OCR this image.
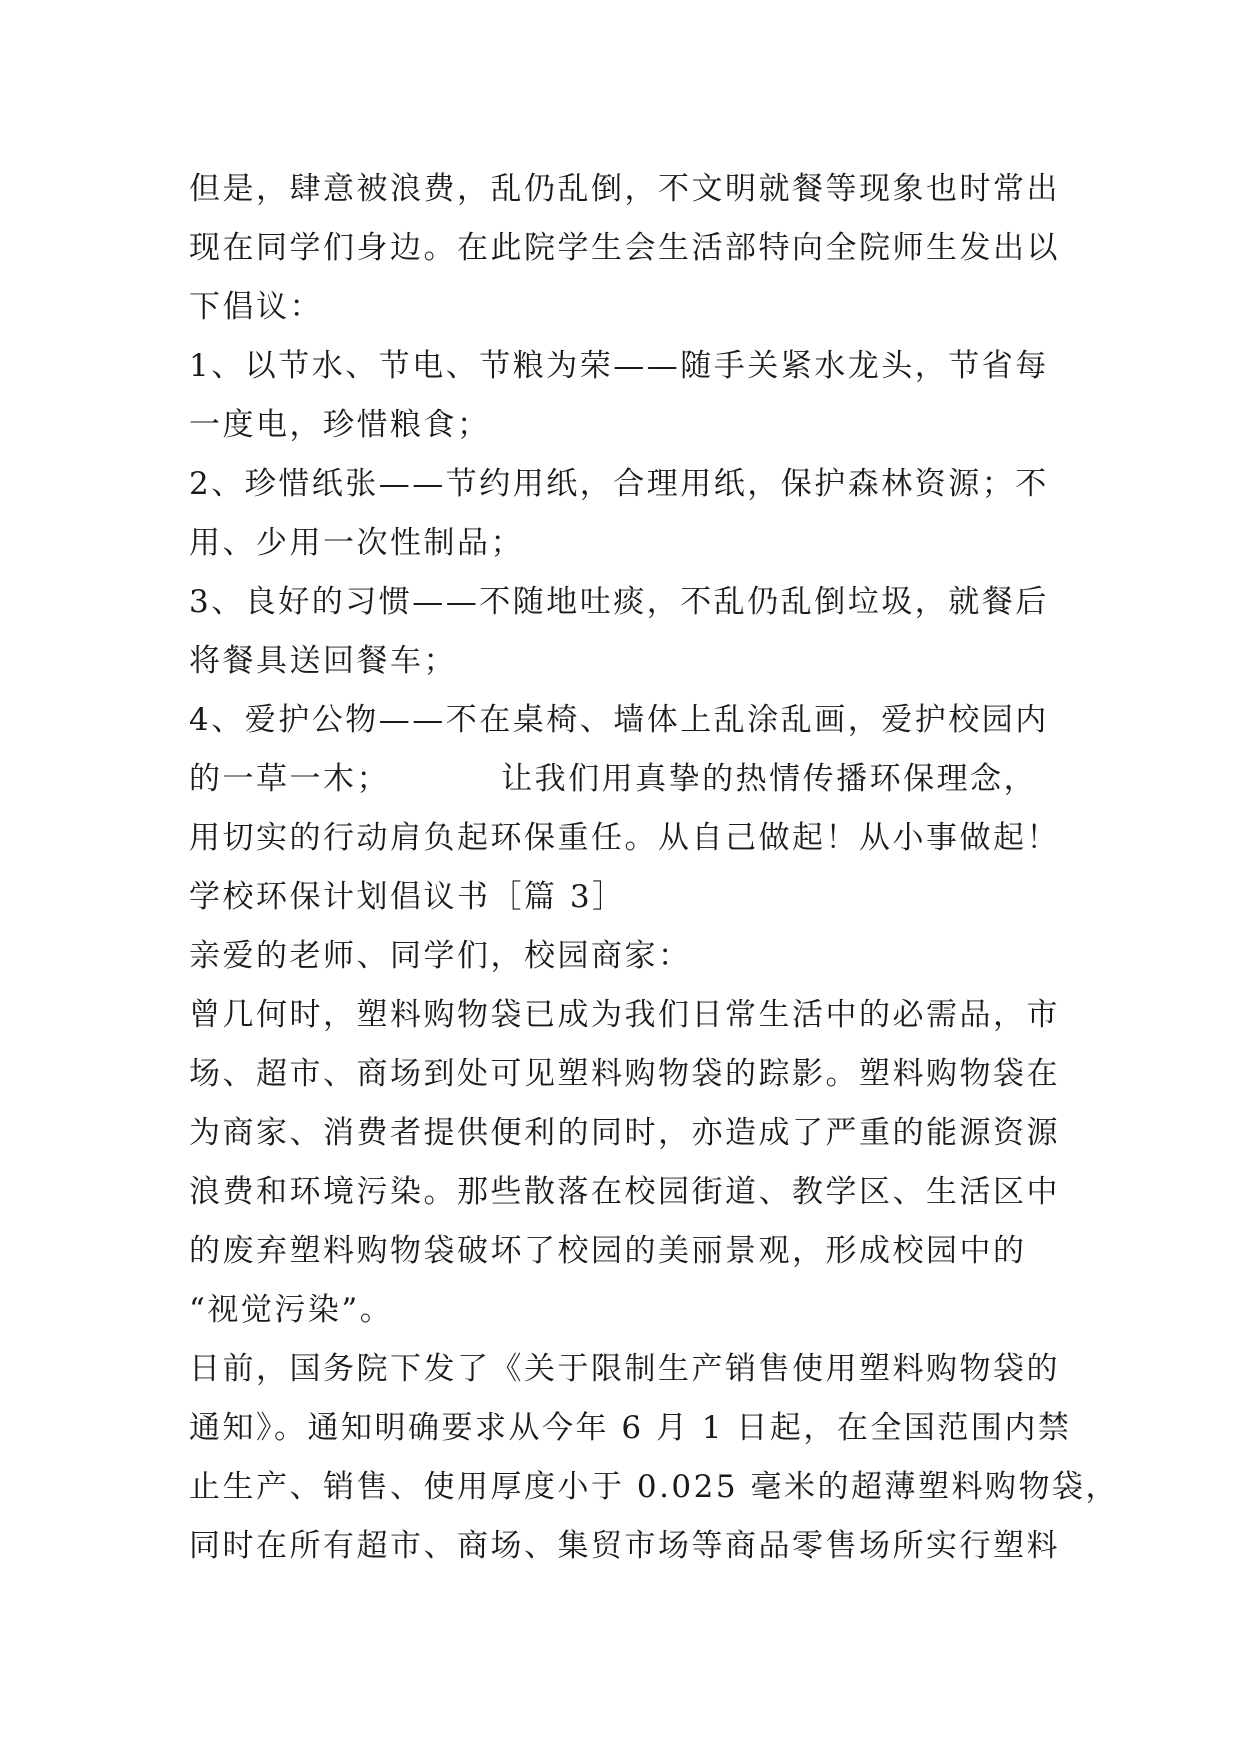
但是，肆意被浪费，乱仍乱倒，不文明就餐等现象也时常出
现在同学们身边。在此院学生会生活部特向全院师生发出以
下倡议：
1、以节水、节电、节粮为荣——随手关紧水龙头，节省每
一度电，珍惜粮食；
2、珍惜纸张——节约用纸，合理用纸，保护森林资源；不
用、少用一次性制品；
3、良好的习惯——不随地吐痰，不乱仍乱倒垃圾，就餐后
将餐具送回餐车；
4、爱护公物——不在桌椅、墙体上乱涂乱画，爱护校园内
的一草一木；         让我们用真挚的热情传播环保理念，
用切实的行动肩负起环保重任。从自己做起！从小事做起！
学校环保计划倡议书［篇 3］
亲爱的老师、同学们，校园商家：
曾几何时，塑料购物袋已成为我们日常生活中的必需品，市
场、超市、商场到处可见塑料购物袋的踪影。塑料购物袋在
为商家、消费者提供便利的同时，亦造成了严重的能源资源
浪费和环境污染。那些散落在校园街道、教学区、生活区中
的废弃塑料购物袋破坏了校园的美丽景观，形成校园中的
“视觉污染”。
日前，国务院下发了《关于限制生产销售使用塑料购物袋的
通知》。通知明确要求从今年 6 月 1 日起，在全国范围内禁
止生产、销售、使用厚度小于 0.025 毫米的超薄塑料购物袋，
同时在所有超市、商场、集贸市场等商品零售场所实行塑料
